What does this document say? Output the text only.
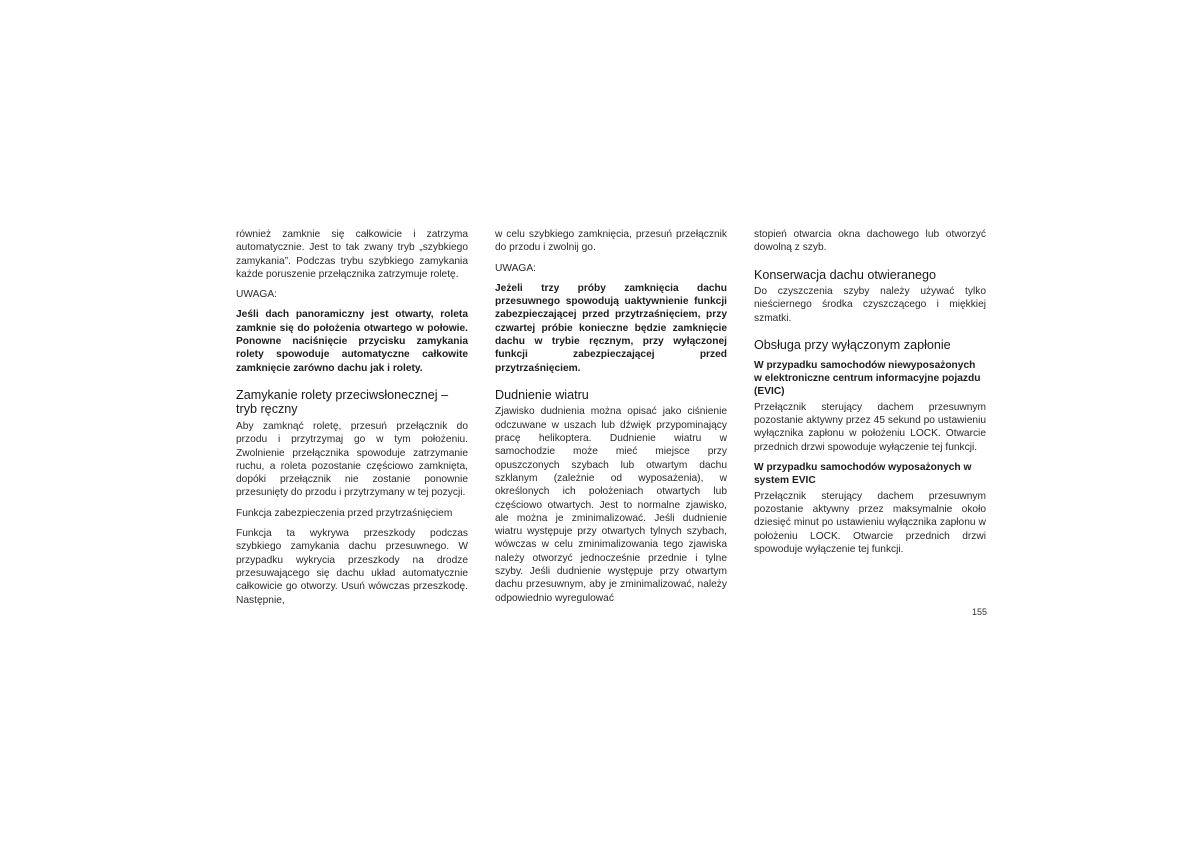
również zamknie się całkowicie i zatrzyma automatycznie. Jest to tak zwany tryb „szybkiego zamykania”. Podczas trybu szybkiego zamykania każde poruszenie przełącznika zatrzymuje roletę.

UWAGA:

Jeśli dach panoramiczny jest otwarty, roleta zamknie się do położenia otwartego w połowie. Ponowne naciśnięcie przycisku zamykania rolety spowoduje automatyczne całkowite zamknięcie zarówno dachu jak i rolety.

Zamykanie rolety przeciwsłonecznej – tryb ręczny

Aby zamknąć roletę, przesuń przełącznik do przodu i przytrzymaj go w tym położeniu. Zwolnienie przełącznika spowoduje zatrzymanie ruchu, a roleta pozostanie częściowo zamknięta, dopóki przełącznik nie zostanie ponownie przesunięty do przodu i przytrzymany w tej pozycji.

Funkcja zabezpieczenia przed przytrzaśnięciem

Funkcja ta wykrywa przeszkody podczas szybkiego zamykania dachu przesuwnego. W przypadku wykrycia przeszkody na drodze przesuwającego się dachu układ automatycznie całkowicie go otworzy. Usuń wówczas przeszkodę. Następnie,

w celu szybkiego zamknięcia, przesuń przełącznik do przodu i zwolnij go.

UWAGA:

Jeżeli trzy próby zamknięcia dachu przesuwnego spowodują uaktywnienie funkcji zabezpieczającej przed przytrzaśnięciem, przy czwartej próbie konieczne będzie zamknięcie dachu w trybie ręcznym, przy wyłączonej funkcji zabezpieczającej przed przytrzaśnięciem.

Dudnienie wiatru

Zjawisko dudnienia można opisać jako ciśnienie odczuwane w uszach lub dźwięk przypominający pracę helikoptera. Dudnienie wiatru w samochodzie może mieć miejsce przy opuszczonych szybach lub otwartym dachu szklanym (zależnie od wyposażenia), w określonych ich położeniach otwartych lub częściowo otwartych. Jest to normalne zjawisko, ale można je zminimalizować. Jeśli dudnienie wiatru występuje przy otwartych tylnych szybach, wówczas w celu zminimalizowania tego zjawiska należy otworzyć jednocześnie przednie i tylne szyby. Jeśli dudnienie występuje przy otwartym dachu przesuwnym, aby je zminimalizować, należy odpowiednio wyregulować

stopień otwarcia okna dachowego lub otworzyć dowolną z szyb.

Konserwacja dachu otwieranego

Do czyszczenia szyby należy używać tylko nieściernego środka czyszczącego i miękkiej szmatki.

Obsługa przy wyłączonym zapłonie
W przypadku samochodów niewyposażonych w elektroniczne centrum informacyjne pojazdu (EVIC)

Przełącznik sterujący dachem przesuwnym pozostanie aktywny przez 45 sekund po ustawieniu wyłącznika zapłonu w położeniu LOCK. Otwarcie przednich drzwi spowoduje wyłączenie tej funkcji.

W przypadku samochodów wyposażonych w system EVIC

Przełącznik sterujący dachem przesuwnym pozostanie aktywny przez maksymalnie około dziesięć minut po ustawieniu wyłącznika zapłonu w położeniu LOCK. Otwarcie przednich drzwi spowoduje wyłączenie tej funkcji.

155
